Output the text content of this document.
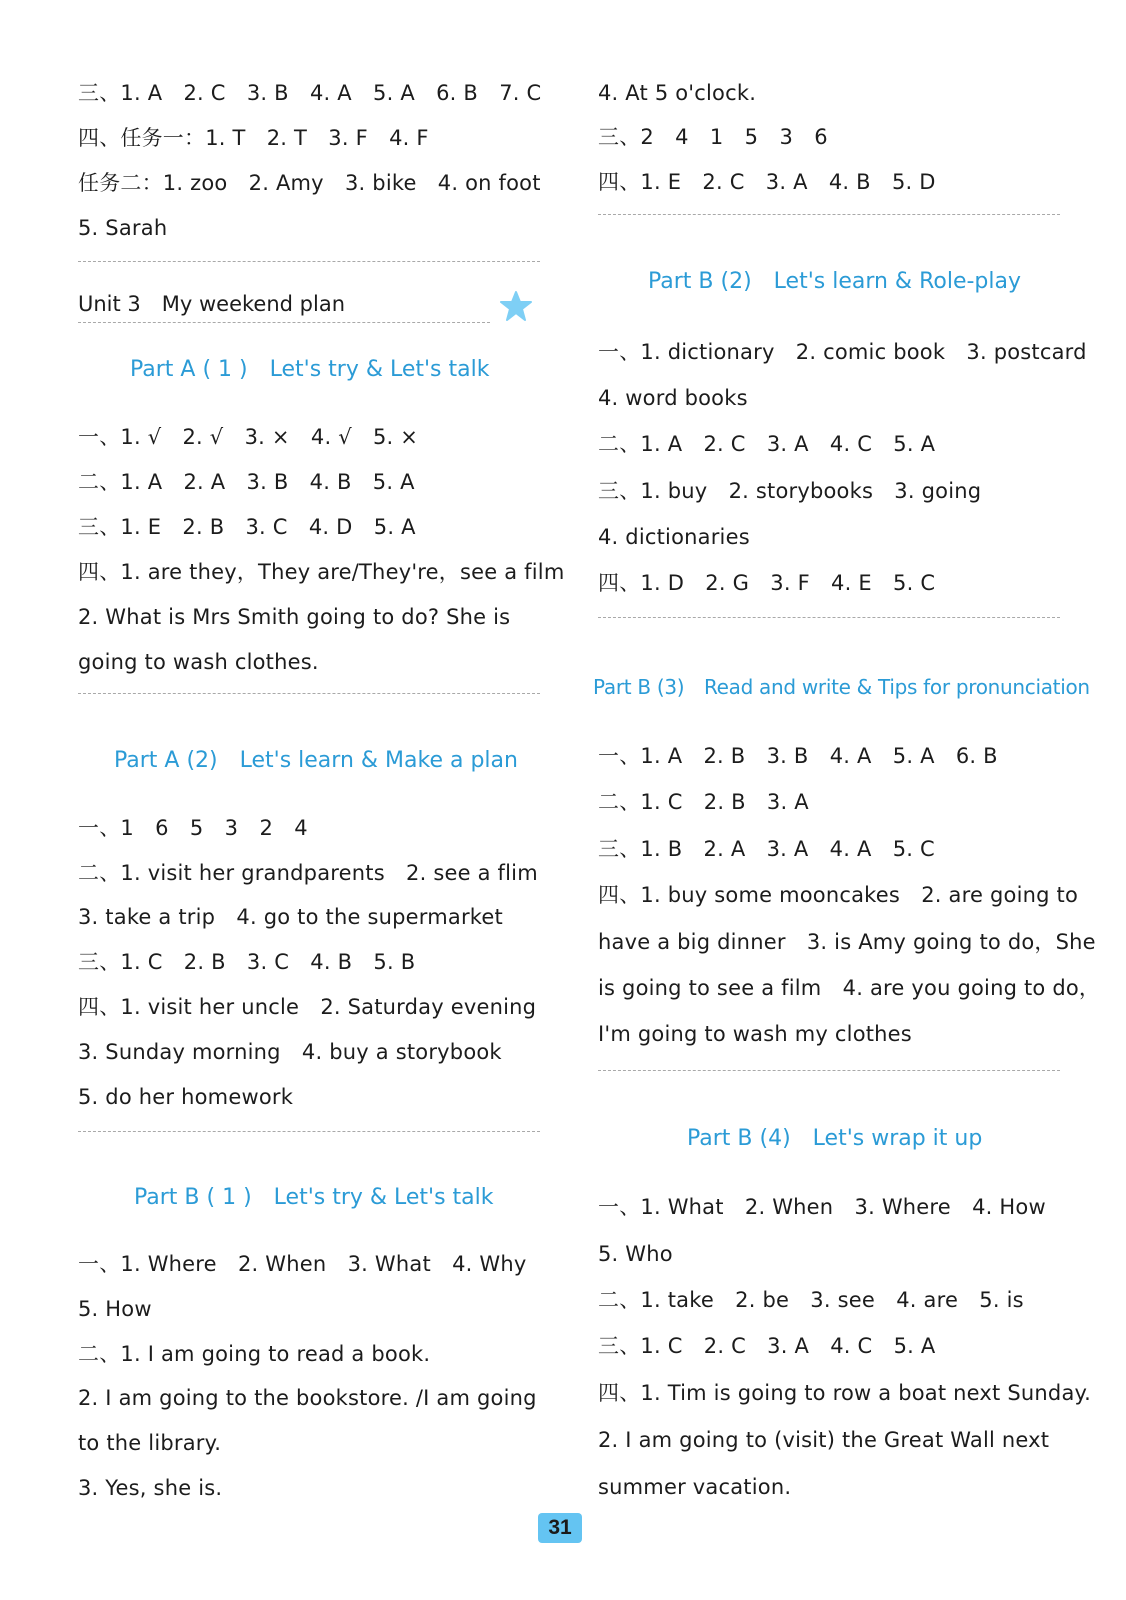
三、1. A　2. C　3. B　4. A　5. A　6. B　7. C
四、任务一：1. T　2. T　3. F　4. F
任务二：1. zoo　2. Amy　3. bike　4. on foot
5. Sarah
Unit 3　My weekend plan
Part A ( 1 )　Let's try & Let's talk
一、1. √　2. √　3. ×　4. √　5. ×
二、1. A　2. A　3. B　4. B　5. A
三、1. E　2. B　3. C　4. D　5. A
四、1. are they，They are/They're，see a film
2. What is Mrs Smith going to do? She is
going to wash clothes.
Part A (2)　Let's learn & Make a plan
一、1　6　5　3　2　4
二、1. visit her grandparents　2. see a flim
3. take a trip　4. go to the supermarket
三、1. C　2. B　3. C　4. B　5. B
四、1. visit her uncle　2. Saturday evening
3. Sunday morning　4. buy a storybook
5. do her homework
Part B ( 1 )　Let's try & Let's talk
一、1. Where　2. When　3. What　4. Why
5. How
二、1. I am going to read a book.
2. I am going to the bookstore. /I am going
to the library.
3. Yes, she is.
4. At 5 o'clock.
三、2　4　1　5　3　6
四、1. E　2. C　3. A　4. B　5. D
Part B (2)　Let's learn & Role-play
一、1. dictionary　2. comic book　3. postcard
4. word books
二、1. A　2. C　3. A　4. C　5. A
三、1. buy　2. storybooks　3. going
4. dictionaries
四、1. D　2. G　3. F　4. E　5. C
Part B (3)　Read and write & Tips for pronunciation
一、1. A　2. B　3. B　4. A　5. A　6. B
二、1. C　2. B　3. A
三、1. B　2. A　3. A　4. A　5. C
四、1. buy some mooncakes　2. are going to
have a big dinner　3. is Amy going to do，She
is going to see a film　4. are you going to do，
I'm going to wash my clothes
Part B (4)　Let's wrap it up
一、1. What　2. When　3. Where　4. How
5. Who
二、1. take　2. be　3. see　4. are　5. is
三、1. C　2. C　3. A　4. C　5. A
四、1. Tim is going to row a boat next Sunday.
2. I am going to (visit) the Great Wall next
summer vacation.
31
